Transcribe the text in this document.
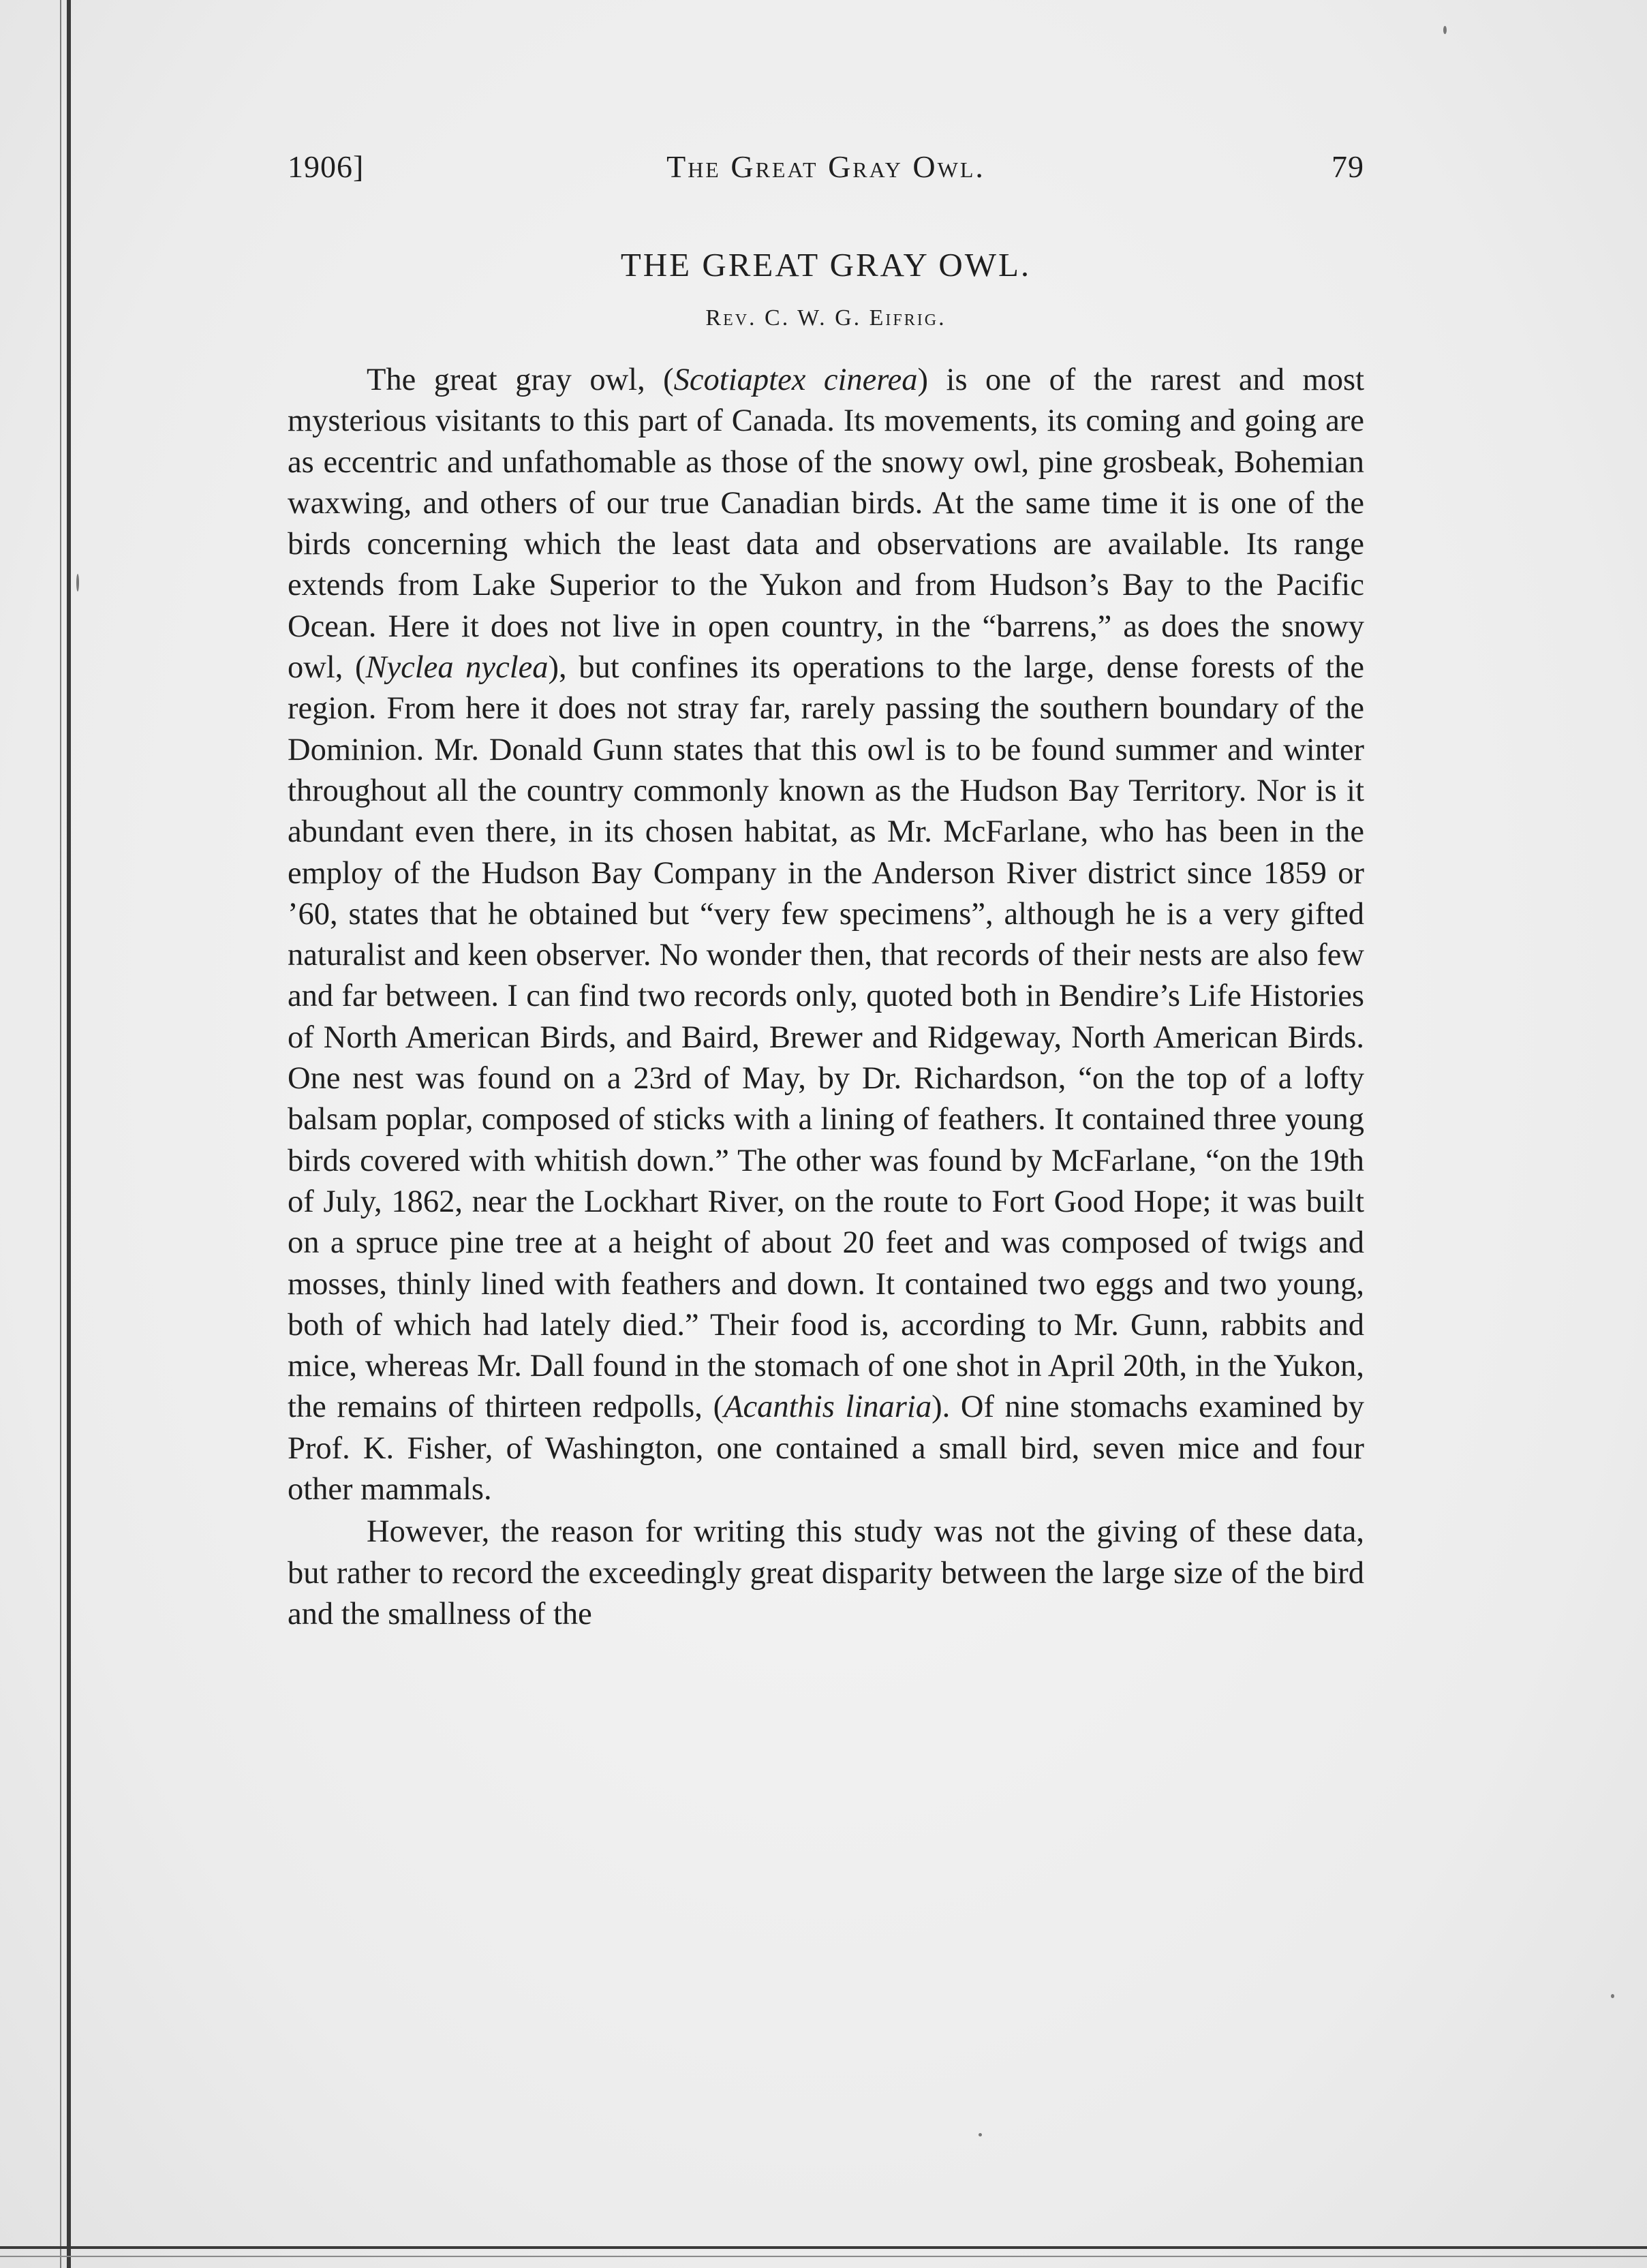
1906]	The Great Gray Owl.	79
THE GREAT GRAY OWL.
Rev. C. W. G. Eifrig.

The great gray owl, (Scotiaptex cinerea) is one of the rarest and most mysterious visitants to this part of Canada. Its movements, its coming and going are as eccentric and unfathomable as those of the snowy owl, pine grosbeak, Bohemian waxwing, and others of our true Canadian birds. At the same time it is one of the birds concerning which the least data and observations are available. Its range extends from Lake Superior to the Yukon and from Hudson’s Bay to the Pacific Ocean. Here it does not live in open country, in the “barrens,” as does the snowy owl, (Nyclea nyclea), but confines its operations to the large, dense forests of the region. From here it does not stray far, rarely passing the southern boundary of the Dominion. Mr. Donald Gunn states that this owl is to be found summer and winter throughout all the country commonly known as the Hudson Bay Territory. Nor is it abundant even there, in its chosen habitat, as Mr. McFarlane, who has been in the employ of the Hudson Bay Company in the Anderson River district since 1859 or ’60, states that he obtained but “very few specimens”, although he is a very gifted naturalist and keen observer. No wonder then, that records of their nests are also few and far between. I can find two records only, quoted both in Bendire’s Life Histories of North American Birds, and Baird, Brewer and Ridgeway, North American Birds. One nest was found on a 23rd of May, by Dr. Richardson, “on the top of a lofty balsam poplar, composed of sticks with a lining of feathers. It contained three young birds covered with whitish down.” The other was found by McFarlane, “on the 19th of July, 1862, near the Lockhart River, on the route to Fort Good Hope; it was built on a spruce pine tree at a height of about 20 feet and was composed of twigs and mosses, thinly lined with feathers and down. It contained two eggs and two young, both of which had lately died.” Their food is, according to Mr. Gunn, rabbits and mice, whereas Mr. Dall found in the stomach of one shot in April 20th, in the Yukon, the remains of thirteen redpolls, (Acanthis linaria). Of nine stomachs examined by Prof. K. Fisher, of Washington, one contained a small bird, seven mice and four other mammals.

However, the reason for writing this study was not the giving of these data, but rather to record the exceedingly great disparity between the large size of the bird and the smallness of the
